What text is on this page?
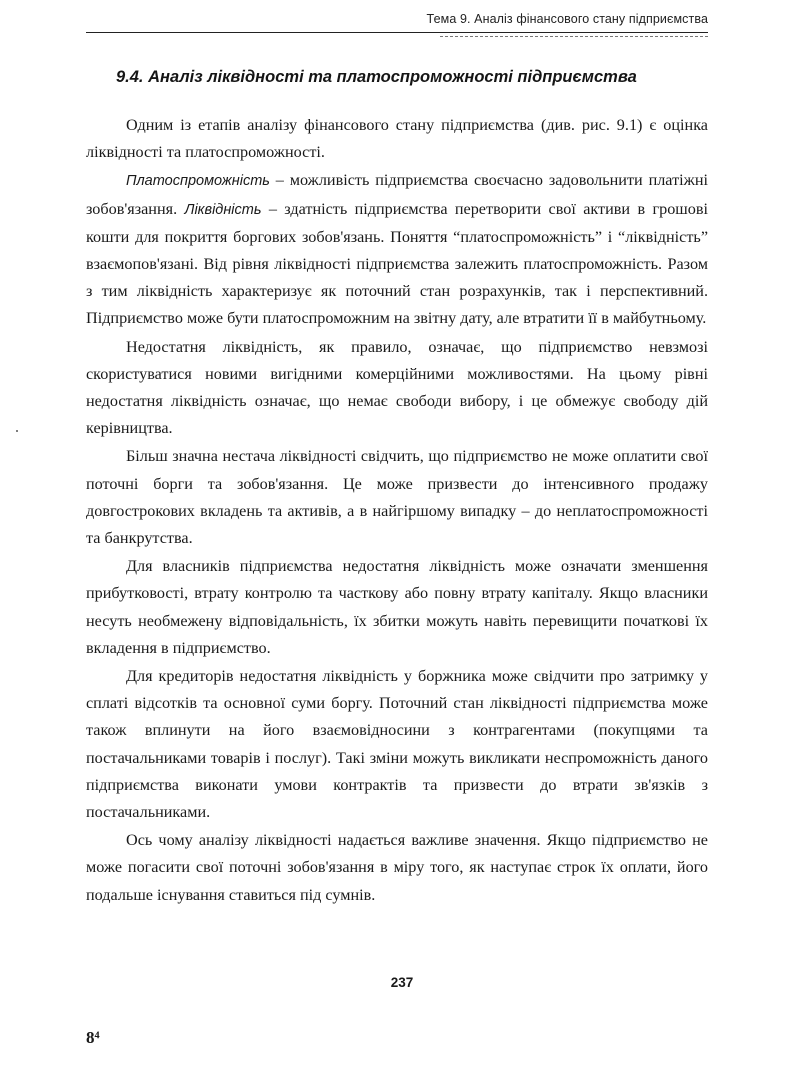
Тема 9. Аналіз фінансового стану підприємства
9.4. Аналіз ліквідності та платоспроможності підприємства

Одним із етапів аналізу фінансового стану підприємства (див. рис. 9.1) є оцінка ліквідності та платоспроможності.

Платоспроможність – можливість підприємства своєчасно задовольнити платіжні зобов'язання. Ліквідність – здатність підприємства перетворити свої активи в грошові кошти для покриття боргових зобов'язань. Поняття “платоспроможність” і “ліквідність” взаємопов'язані. Від рівня ліквідності підприємства залежить платоспроможність. Разом з тим ліквідність характеризує як поточний стан розрахунків, так і перспективний. Підприємство може бути платоспроможним на звітну дату, але втратити її в майбутньому.

Недостатня ліквідність, як правило, означає, що підприємство невзмозі скористуватися новими вигідними комерційними можливостями. На цьому рівні недостатня ліквідність означає, що немає свободи вибору, і це обмежує свободу дій керівництва.

Більш значна нестача ліквідності свідчить, що підприємство не може оплатити свої поточні борги та зобов'язання. Це може призвести до інтенсивного продажу довгострокових вкладень та активів, а в найгіршому випадку – до неплатоспроможності та банкрутства.

Для власників підприємства недостатня ліквідність може означати зменшення прибутковості, втрату контролю та часткову або повну втрату капіталу. Якщо власники несуть необмежену відповідальність, їх збитки можуть навіть перевищити початкові їх вкладення в підприємство.

Для кредиторів недостатня ліквідність у боржника може свідчити про затримку у сплаті відсотків та основної суми боргу. Поточний стан ліквідності підприємства може також вплинути на його взаємовідносини з контрагентами (покупцями та постачальниками товарів і послуг). Такі зміни можуть викликати неспроможність даного підприємства виконати умови контрактів та призвести до втрати зв'язків з постачальниками.

Ось чому аналізу ліквідності надається важливе значення. Якщо підприємство не може погасити свої поточні зобов'язання в міру того, як наступає строк їх оплати, його подальше існування ставиться під сумнів.

237
8⁴
